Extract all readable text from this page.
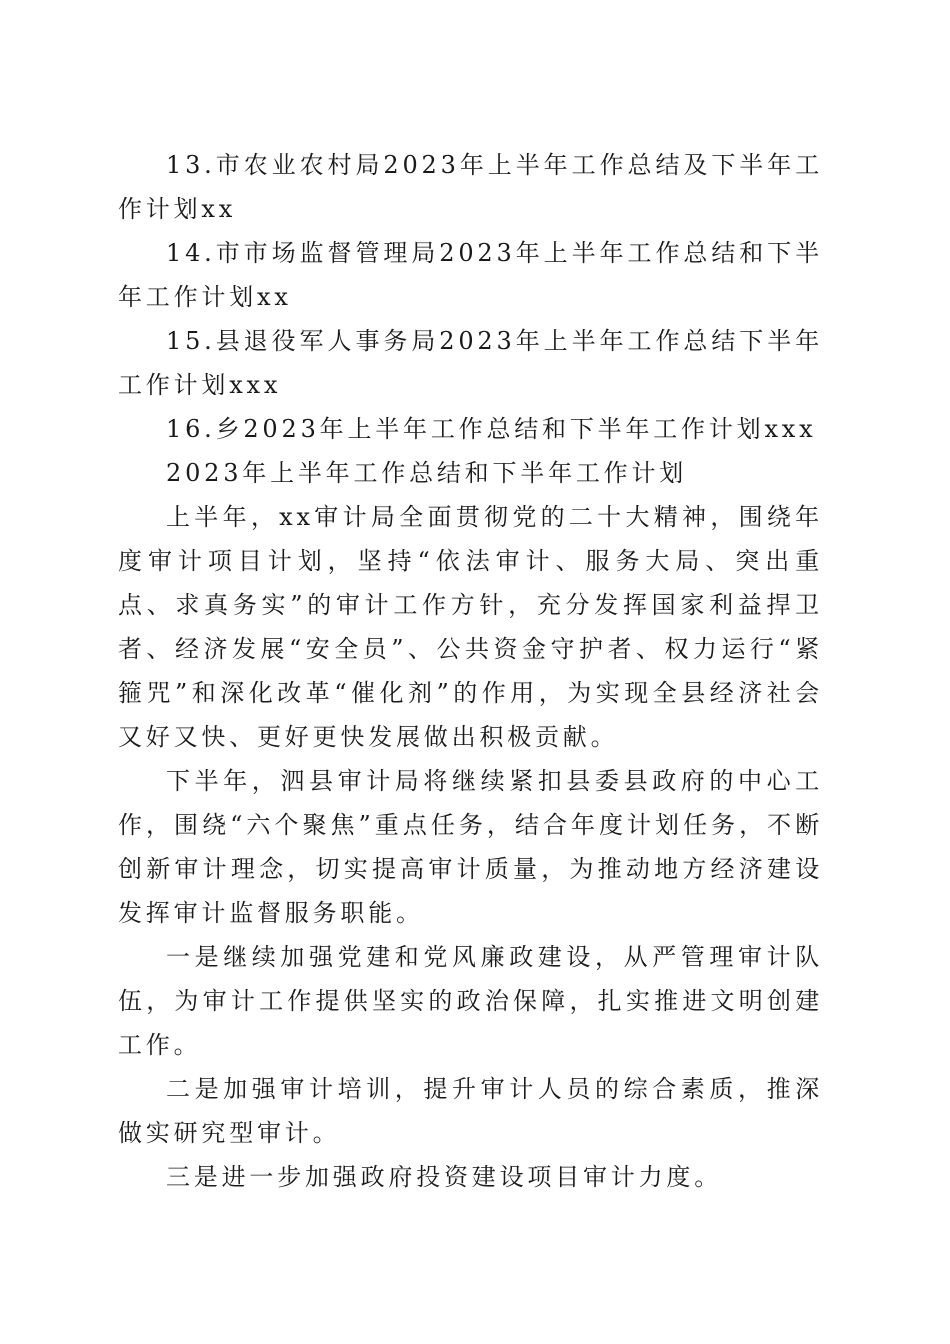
13.市农业农村局2023年上半年工作总结及下半年工作计划xx

14.市市场监督管理局2023年上半年工作总结和下半年工作计划xx

15.县退役军人事务局2023年上半年工作总结下半年工作计划xxx

16.乡2023年上半年工作总结和下半年工作计划xxx

2023年上半年工作总结和下半年工作计划

上半年，xx审计局全面贯彻党的二十大精神，围绕年度审计项目计划，坚持“依法审计、服务大局、突出重点、求真务实”的审计工作方针，充分发挥国家利益捍卫者、经济发展“安全员”、公共资金守护者、权力运行“紧箍咒”和深化改革“催化剂”的作用，为实现全县经济社会又好又快、更好更快发展做出积极贡献。

下半年，泗县审计局将继续紧扣县委县政府的中心工作，围绕“六个聚焦”重点任务，结合年度计划任务，不断创新审计理念，切实提高审计质量，为推动地方经济建设发挥审计监督服务职能。

一是继续加强党建和党风廉政建设，从严管理审计队伍，为审计工作提供坚实的政治保障，扎实推进文明创建工作。

二是加强审计培训，提升审计人员的综合素质，推深做实研究型审计。

三是进一步加强政府投资建设项目审计力度。
